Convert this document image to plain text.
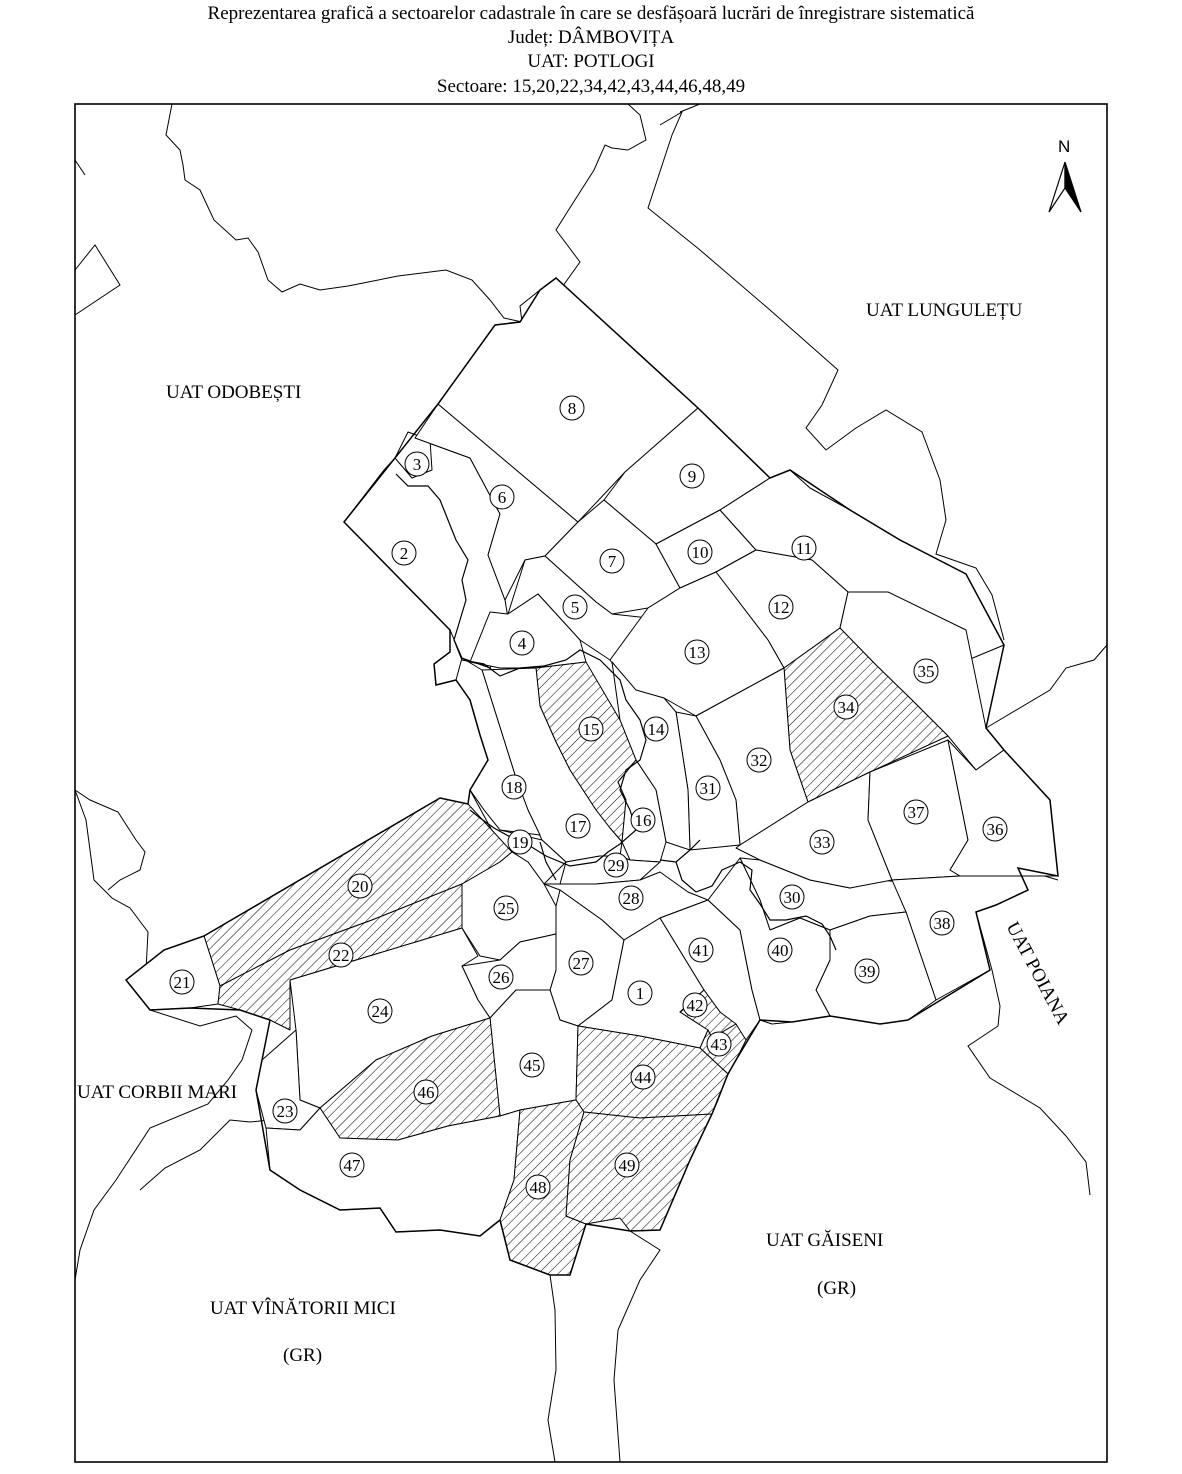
Reprezentarea grafică a sectoarelor cadastrale în care se desfășoară lucrări de înregistrare sistematică

Județ: DÂMBOVIȚA

UAT: POTLOGI

Sectoare: 15,20,22,34,42,43,44,46,48,49

1
2
3
4
5
6
7
8
9
10	11
12
13
14
15
16
17
18
19
20
21
22
23
24
25
26
27
28
29
30
31
32
33
34
35
36
37
38
39
40
41
42
43
44
45
46
47
48
49
UAT ODOBEȘTI
UAT LUNGULEȚU
UAT POIANA
UAT CORBII MARI
UAT VÎNĂTORII MICI
(GR)
UAT GĂISENI
(GR)
N
